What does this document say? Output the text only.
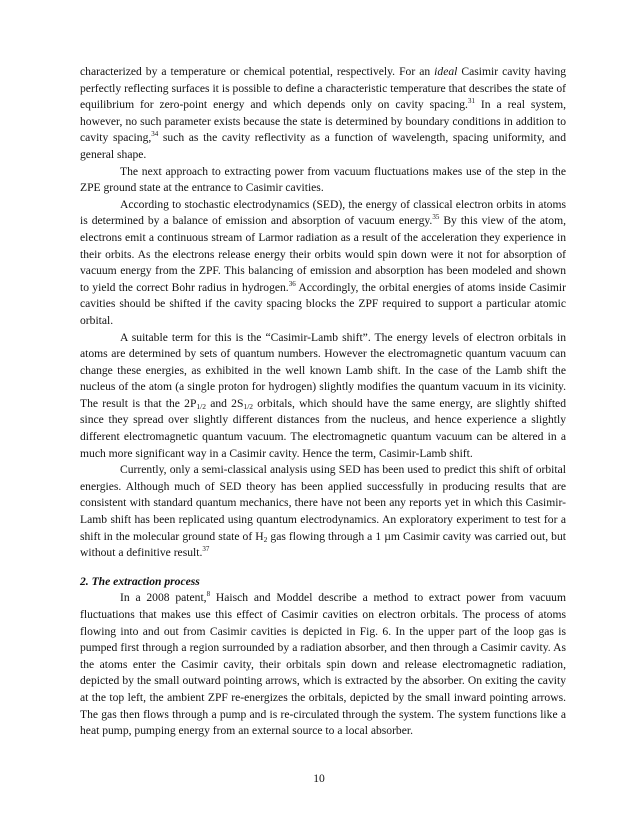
characterized by a temperature or chemical potential, respectively. For an ideal Casimir cavity having perfectly reflecting surfaces it is possible to define a characteristic temperature that describes the state of equilibrium for zero-point energy and which depends only on cavity spacing.$^{31}$ In a real system, however, no such parameter exists because the state is determined by boundary conditions in addition to cavity spacing,$^{34}$ such as the cavity reflectivity as a function of wavelength, spacing uniformity, and general shape.

The next approach to extracting power from vacuum fluctuations makes use of the step in the ZPE ground state at the entrance to Casimir cavities.

According to stochastic electrodynamics (SED), the energy of classical electron orbits in atoms is determined by a balance of emission and absorption of vacuum energy.$^{35}$ By this view of the atom, electrons emit a continuous stream of Larmor radiation as a result of the acceleration they experience in their orbits. As the electrons release energy their orbits would spin down were it not for absorption of vacuum energy from the ZPF. This balancing of emission and absorption has been modeled and shown to yield the correct Bohr radius in hydrogen.$^{36}$ Accordingly, the orbital energies of atoms inside Casimir cavities should be shifted if the cavity spacing blocks the ZPF required to support a particular atomic orbital.

A suitable term for this is the “Casimir-Lamb shift”. The energy levels of electron orbitals in atoms are determined by sets of quantum numbers. However the electromagnetic quantum vacuum can change these energies, as exhibited in the well known Lamb shift. In the case of the Lamb shift the nucleus of the atom (a single proton for hydrogen) slightly modifies the quantum vacuum in its vicinity. The result is that the $2P_{1/2}$ and $2S_{1/2}$ orbitals, which should have the same energy, are slightly shifted since they spread over slightly different distances from the nucleus, and hence experience a slightly different electromagnetic quantum vacuum. The electromagnetic quantum vacuum can be altered in a much more significant way in a Casimir cavity. Hence the term, Casimir-Lamb shift.

Currently, only a semi-classical analysis using SED has been used to predict this shift of orbital energies. Although much of SED theory has been applied successfully in producing results that are consistent with standard quantum mechanics, there have not been any reports yet in which this Casimir-Lamb shift has been replicated using quantum electrodynamics. An exploratory experiment to test for a shift in the molecular ground state of $H_2$ gas flowing through a 1 µm Casimir cavity was carried out, but without a definitive result.$^{37}$

2. The extraction process

In a 2008 patent,$^8$ Haisch and Moddel describe a method to extract power from vacuum fluctuations that makes use this effect of Casimir cavities on electron orbitals. The process of atoms flowing into and out from Casimir cavities is depicted in Fig. 6. In the upper part of the loop gas is pumped first through a region surrounded by a radiation absorber, and then through a Casimir cavity. As the atoms enter the Casimir cavity, their orbitals spin down and release electromagnetic radiation, depicted by the small outward pointing arrows, which is extracted by the absorber. On exiting the cavity at the top left, the ambient ZPF re-energizes the orbitals, depicted by the small inward pointing arrows. The gas then flows through a pump and is re-circulated through the system. The system functions like a heat pump, pumping energy from an external source to a local absorber.

10
